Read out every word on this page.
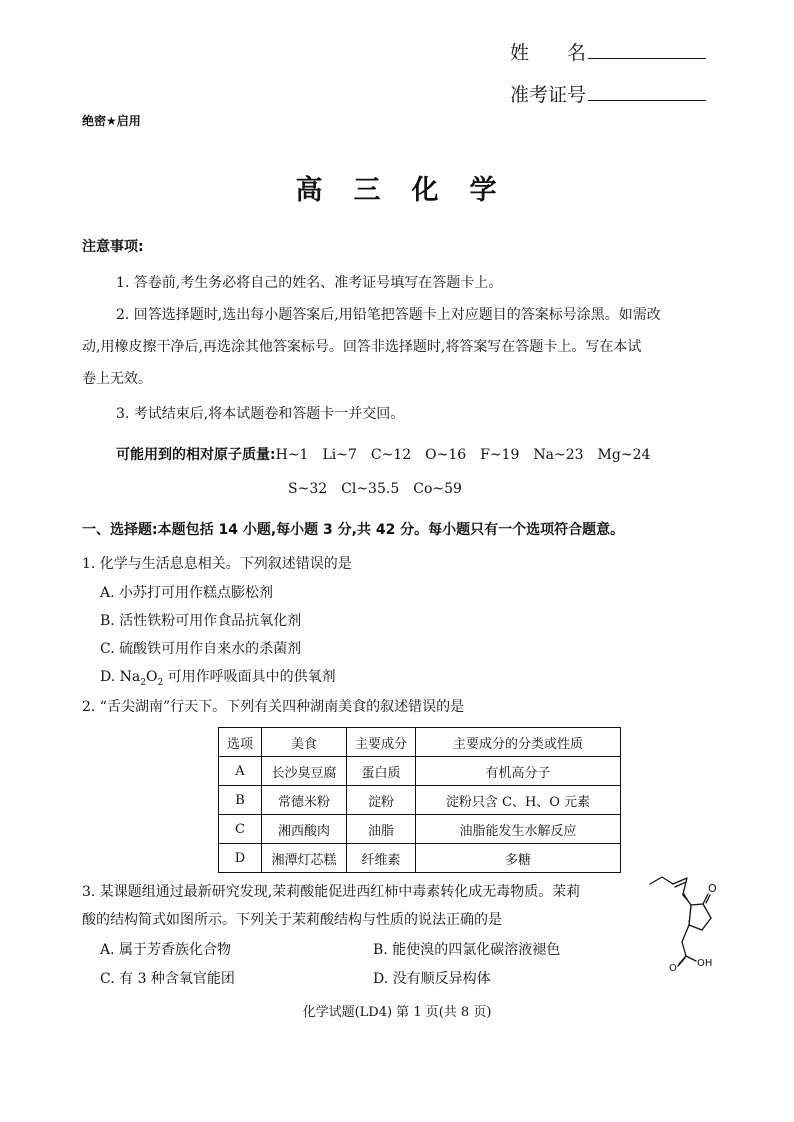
姓　　名
准考证号
绝密★启用
高　三　化　学
注意事项:
1. 答卷前,考生务必将自己的姓名、准考证号填写在答题卡上。
2. 回答选择题时,选出每小题答案后,用铅笔把答题卡上对应题目的答案标号涂黑。如需改
动,用橡皮擦干净后,再选涂其他答案标号。回答非选择题时,将答案写在答题卡上。写在本试
卷上无效。
3. 考试结束后,将本试题卷和答题卡一并交回。
可能用到的相对原子质量:H~1　Li~7　C~12　O~16　F~19　Na~23　Mg~24
S~32　Cl~35.5　Co~59
一、选择题:本题包括 14 小题,每小题 3 分,共 42 分。每小题只有一个选项符合题意。
1. 化学与生活息息相关。下列叙述错误的是
A. 小苏打可用作糕点膨松剂
B. 活性铁粉可用作食品抗氧化剂
C. 硫酸铁可用作自来水的杀菌剂
D. $Na_2O_2$ 可用作呼吸面具中的供氧剂
2. “舌尖湖南”行天下。下列有关四种湖南美食的叙述错误的是
选项	美食	主要成分	主要成分的分类或性质
A	长沙臭豆腐	蛋白质	有机高分子
B	常德米粉	淀粉	淀粉只含 C、H、O 元素
C	湘西酸肉	油脂	油脂能发生水解反应
D	湘潭灯芯糕	纤维素	多糖
3. 某课题组通过最新研究发现,茉莉酸能促进西红柿中毒素转化成无毒物质。茉莉
酸的结构简式如图所示。下列关于茉莉酸结构与性质的说法正确的是
A. 属于芳香族化合物	B. 能使溴的四氯化碳溶液褪色
C. 有 3 种含氧官能团	D. 没有顺反异构体
O
O OH
化学试题(LD4) 第 1 页(共 8 页)
